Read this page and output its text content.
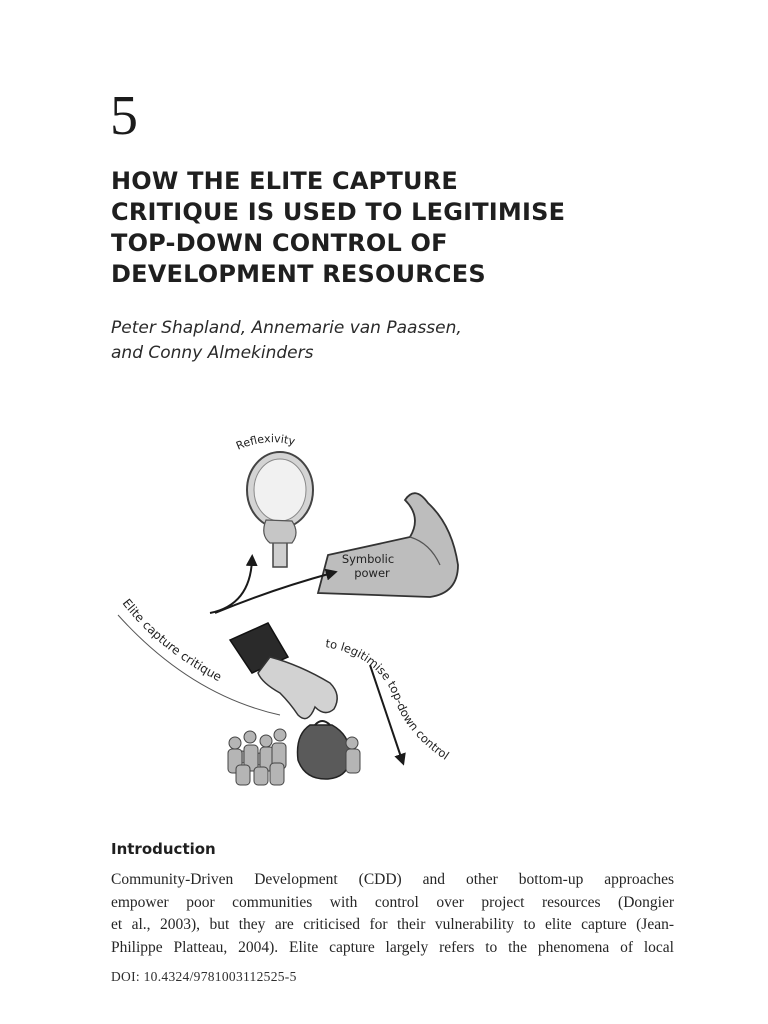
5
HOW THE ELITE CAPTURE
CRITIQUE IS USED TO LEGITIMISE
TOP-DOWN CONTROL OF
DEVELOPMENT RESOURCES
Peter Shapland, Annemarie van Paassen,
and Conny Almekinders
Reflexivity
Symbolic
power
Elite capture critique
to legitimise top-down control
Introduction

Community-Driven Development (CDD) and other bottom-up approaches
empower poor communities with control over project resources (Dongier
et al., 2003), but they are criticised for their vulnerability to elite capture (Jean-
Philippe Platteau, 2004). Elite capture largely refers to the phenomena of local

DOI: 10.4324/9781003112525-5
